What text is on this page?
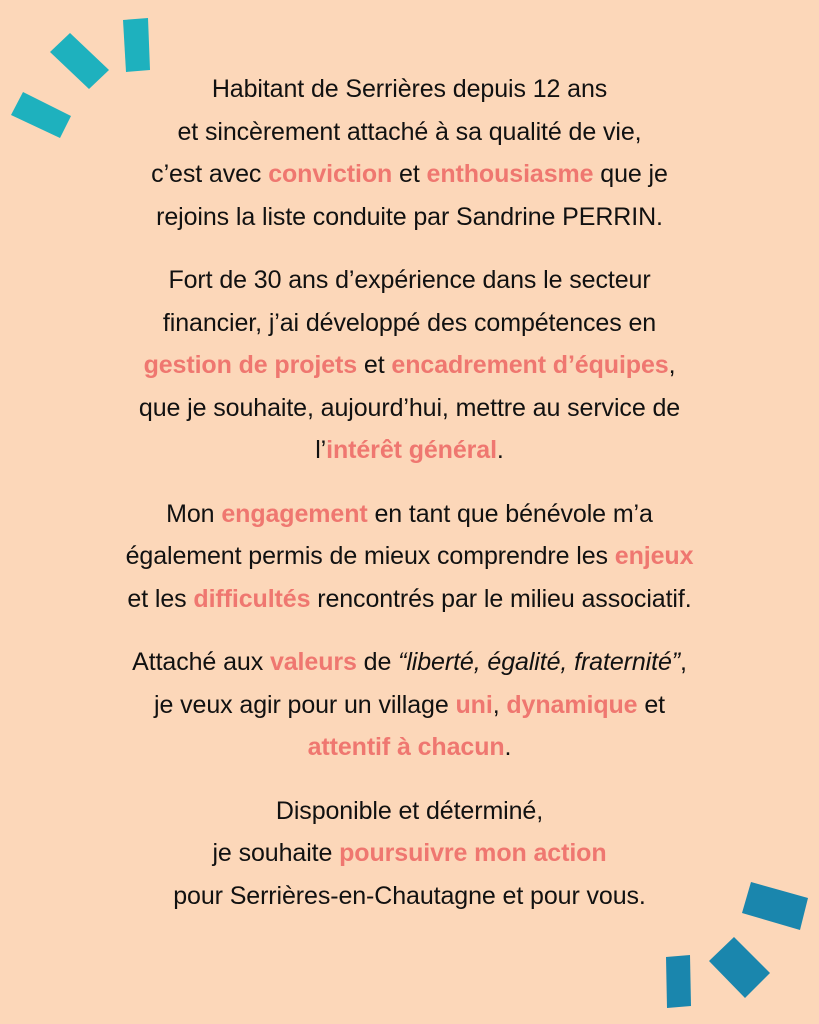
Habitant de Serrières depuis 12 ans
et sincèrement attaché à sa qualité de vie,
c’est avec conviction et enthousiasme que je
rejoins la liste conduite par Sandrine PERRIN.

Fort de 30 ans d’expérience dans le secteur
financier, j’ai développé des compétences en
gestion de projets et encadrement d’équipes,
que je souhaite, aujourd’hui, mettre au service de
l’intérêt général.

Mon engagement en tant que bénévole m’a
également permis de mieux comprendre les enjeux
et les difficultés rencontrés par le milieu associatif.

Attaché aux valeurs de “liberté, égalité, fraternité”,
je veux agir pour un village uni, dynamique et
attentif à chacun.

Disponible et déterminé,
je souhaite poursuivre mon action
pour Serrières-en-Chautagne et pour vous.
